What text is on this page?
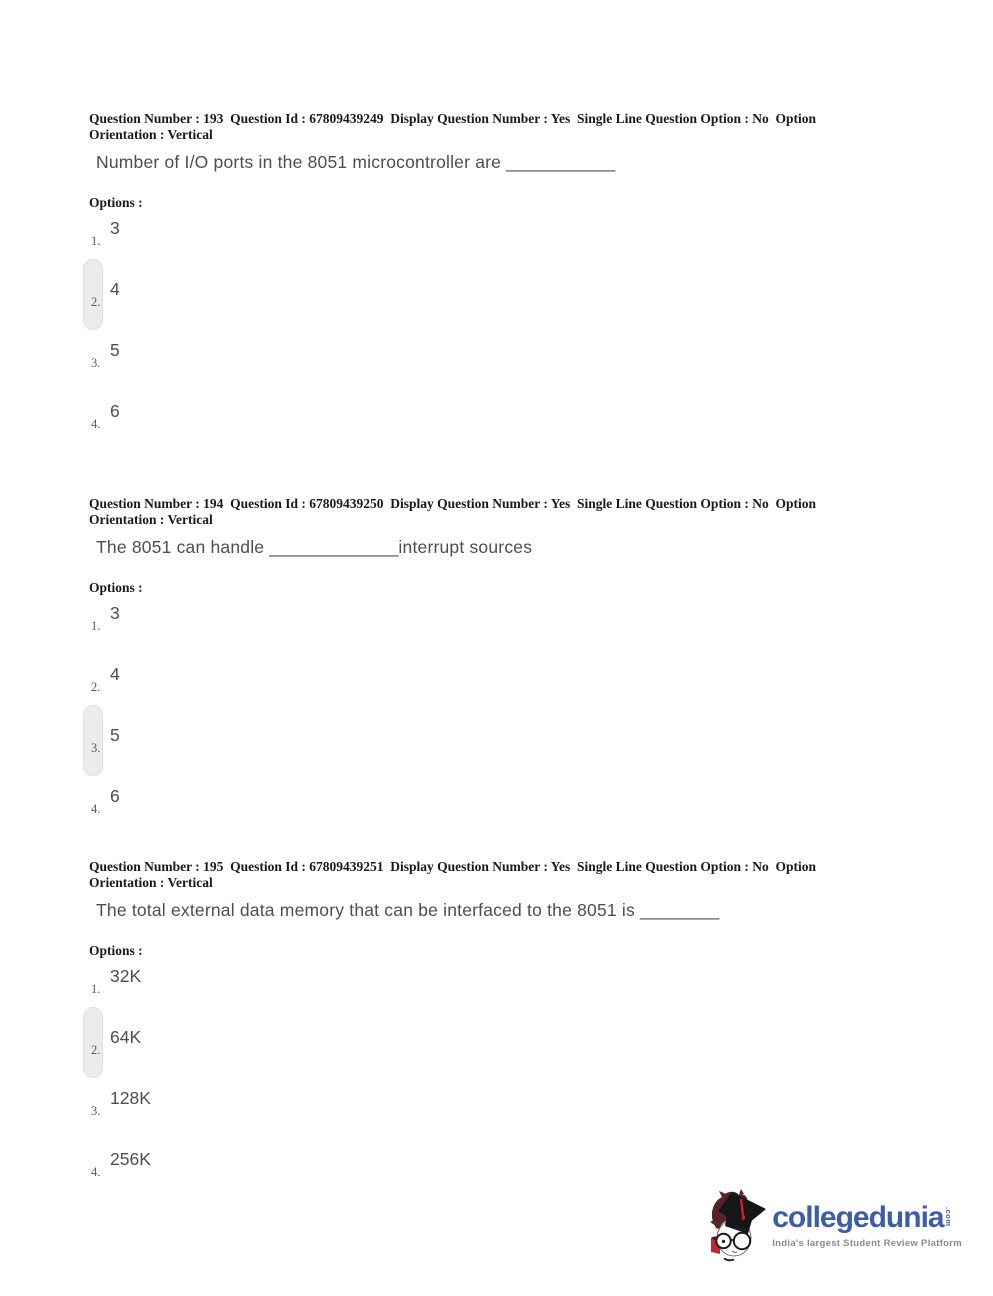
Question Number : 193  Question Id : 67809439249  Display Question Number : Yes  Single Line Question Option : No  Option
Orientation : Vertical
Number of I/O ports in the 8051 microcontroller are ___________
Options :
1.
3
2.
4
3.
5
4.
6
Question Number : 194  Question Id : 67809439250  Display Question Number : Yes  Single Line Question Option : No  Option
Orientation : Vertical
The 8051 can handle _____________interrupt sources
Options :
1.
3
2.
4
3.
5
4.
6
Question Number : 195  Question Id : 67809439251  Display Question Number : Yes  Single Line Question Option : No  Option
Orientation : Vertical
The total external data memory that can be interfaced to the 8051 is ________
Options :
1.
32K
2.
64K
3.
128K
4.
256K
collegedunia .com
India's largest Student Review Platform
